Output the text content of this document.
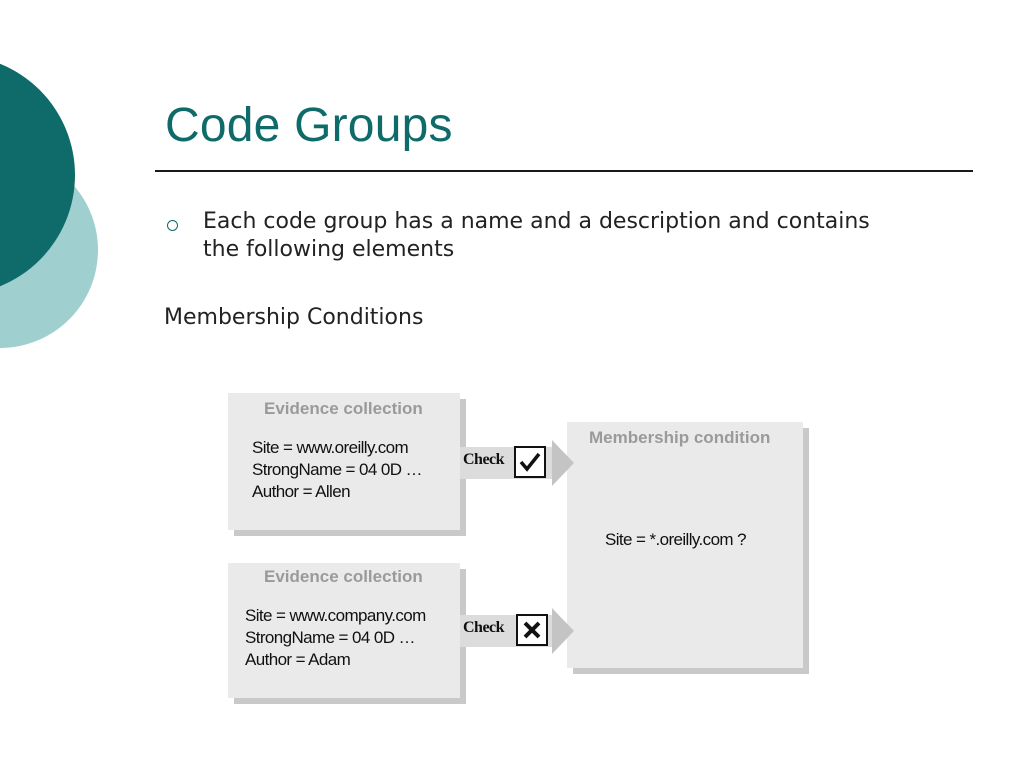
Code Groups
Each code group has a name and a description and contains the following elements
Membership Conditions
Evidence collection
Site = www.oreilly.com
StrongName = 04 0D …
Author = Allen
Evidence collection
Site = www.company.com
StrongName = 04 0D …
Author = Adam
Membership condition
Site = *.oreilly.com ?
Check
Check
